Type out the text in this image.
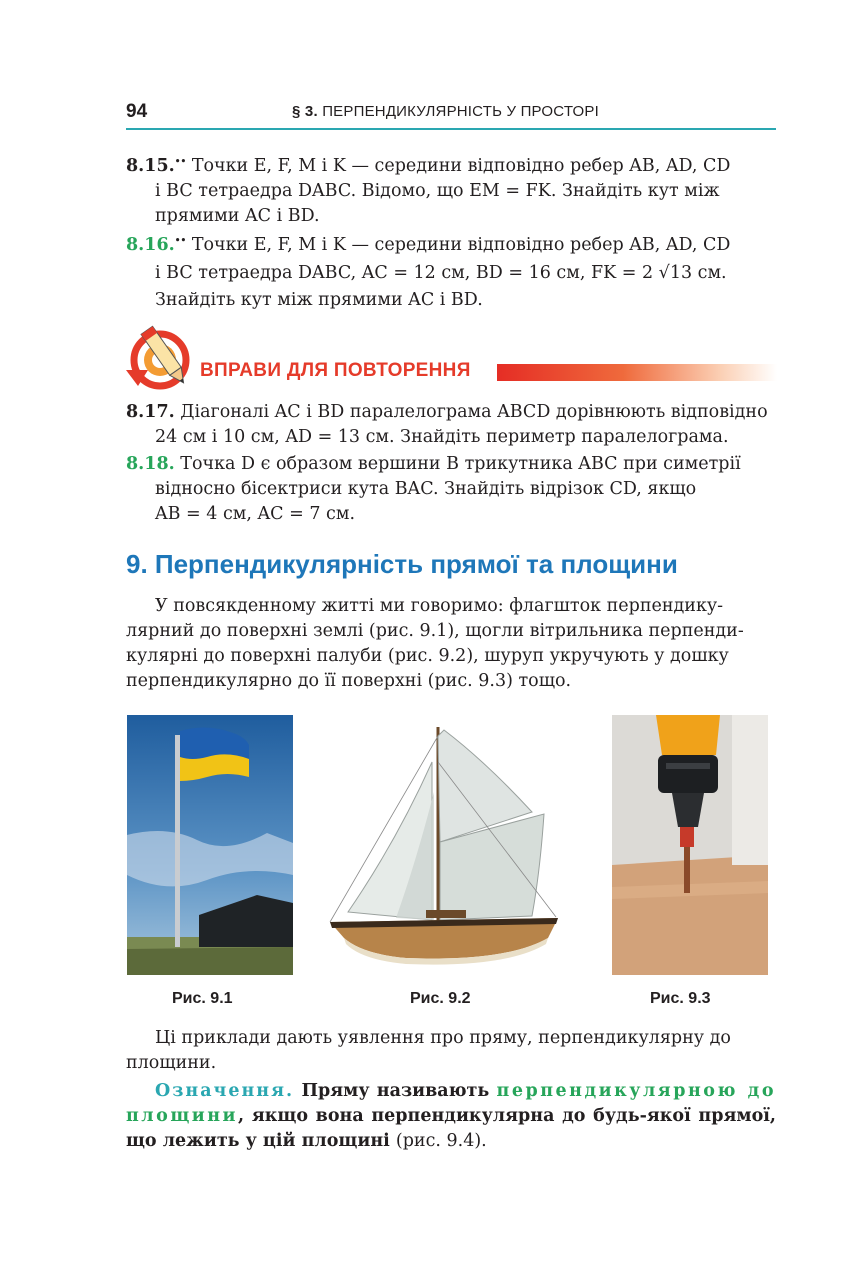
94	§ 3. ПЕРПЕНДИКУЛЯРНІСТЬ У ПРОСТОРІ
8.15.•• Точки E, F, M і K — середини відповідно ребер AB, AD, CD
і BC тетраедра DABC. Відомо, що EM = FK. Знайдіть кут між
прямими AC і BD.
8.16.•• Точки E, F, M і K — середини відповідно ребер AB, AD, CD
і BC тетраедра DABC, AC = 12 см, BD = 16 см, FK = 2 √13 см.
Знайдіть кут між прямими AC і BD.
ВПРАВИ ДЛЯ ПОВТОРЕННЯ
8.17. Діагоналі AC і BD паралелограма ABCD дорівнюють відповідно
24 см і 10 см, AD = 13 см. Знайдіть периметр паралелограма.
8.18. Точка D є образом вершини B трикутника ABC при симетрії
відносно бісектриси кута BAC. Знайдіть відрізок CD, якщо
AB = 4 см, AC = 7 см.
9. Перпендикулярність прямої та площини
У повсякденному житті ми говоримо: флагшток перпендику-
лярний до поверхні землі (рис. 9.1), щогли вітрильника перпенди-
кулярні до поверхні палуби (рис. 9.2), шуруп укручують у дошку
перпендикулярно до її поверхні (рис. 9.3) тощо.
Рис. 9.1	Рис. 9.2	Рис. 9.3
Ці приклади дають уявлення про пряму, перпендикулярну до
площини.
Означення. Пряму називають перпендикулярною до площини, якщо вона перпендикулярна до будь-якої прямої, що лежить у цій площині (рис. 9.4).
